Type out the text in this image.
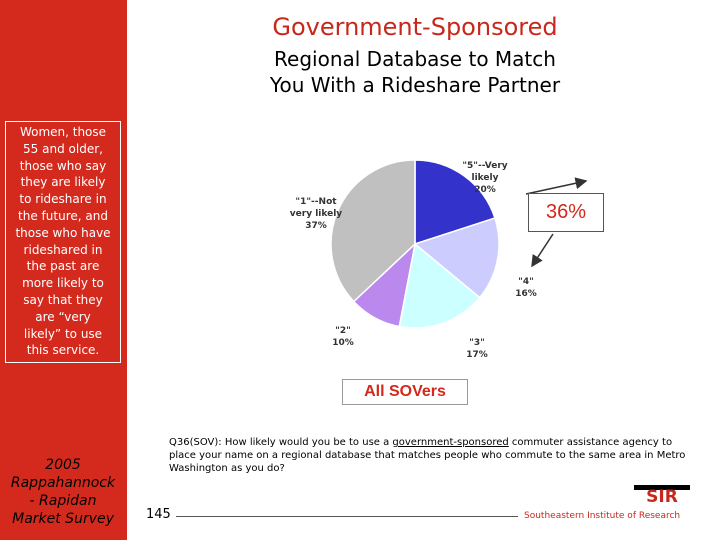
Women, those
55 and older,
those who say
they are likely
to rideshare in
the future, and
those who have
rideshared in
the past are
more likely to
say that they
are “very
likely” to use
this service.
2005
Rappahannock
- Rapidan
Market Survey
Government-Sponsored
Regional Database to Match
You With a Rideshare Partner
"5"--Very likely 20%
"4" 16%
"3" 17%
"2" 10%
"1"--Not very likely 37%
36%
All SOVers
Q36(SOV): How likely would you be to use a government-sponsored commuter assistance agency to place your name on a regional database that matches people who commute to the same area in Metro Washington as you do?
145	Southeastern Institute of Research
SIR
